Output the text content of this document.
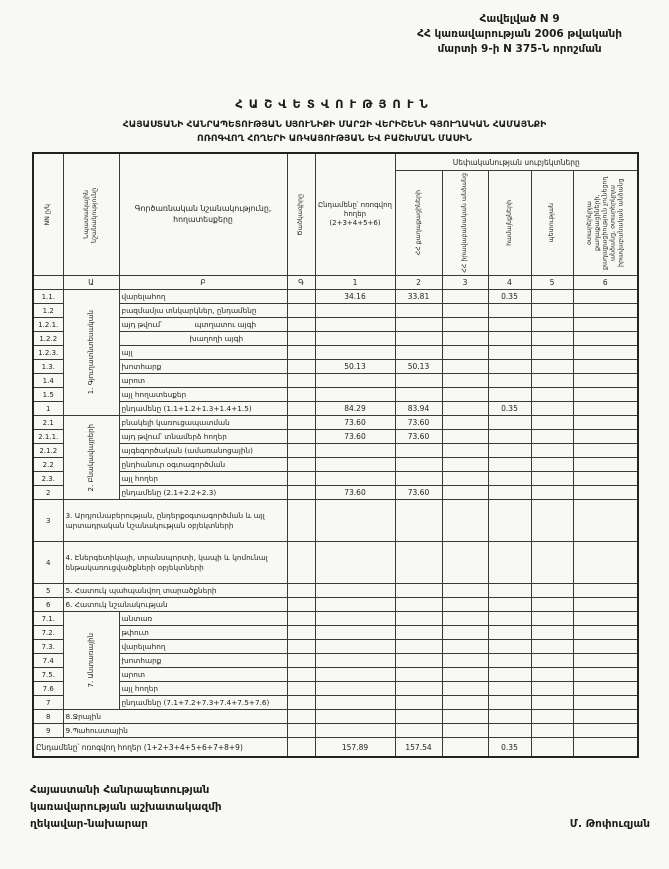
Հավելված N 9
ՀՀ կառավարության 2006 թվականի
մարտի 9-ի N 375-Ն որոշման
ՀԱՇՎԵՏՎՈՒԹՅՈՒՆ
ՀԱՅԱՍՏԱՆԻ ՀԱՆՐԱՊԵՏՈՒԹՅԱՆ ՍՅՈՒՆԻՔԻ ՄԱՐԶԻ ՎԵՐԻՇԵՆԻ ԳՅՈՒՂԱԿԱՆ ՀԱՄԱՅՆՔԻ
ՈՌՈԳՎՈՂ ՀՈՂԵՐԻ ԱՌԿԱՅՈՒԹՅԱՆ ԵՎ ԲԱՇԽՄԱՆ ՄԱՍԻՆ
NN ը/կ	Նպատակային նշանակությունը	Գործառնական նշանակությունը, հողատեսքերը	Ծածկագիրը	Ընդամենը՝ ոռոգվող հողեր (2+3+4+5+6)	Սեփականության սուբյեկտները				

					ՀՀ քաղաքացիների	ՀՀ իրավաբանական անձանց	համայնքների	պետության	օտարերկրյա քաղաքացիների, քաղաքացիություն չունեցող անձանց, օտարերկրյա իրավաբանական անձանց

	Ա	Բ	Գ	1	2	3	4	5	6
1.1.	1. Գյուղատնտեսական	վարելահող		34.16	33.81		0.35		
1.2		բազմամյա տնկարկներ, ընդամենը							
1.2.1.		այդ թվում՝              պտղատու այգի							
1.2.2		խաղողի այգի							
1.2.3.		այլ							
1.3.		խոտհարք		50.13	50.13				
1.4		արոտ							
1.5		այլ հողատեսքեր							
1		ընդամենը (1.1+1.2+1.3+1.4+1.5)		84.29	83.94		0.35		
2.1	2. Բնակավայրերի	բնակելի կառուցապատման		73.60	73.60				
2.1.1.		այդ թվում՝ տնամերձ հողեր		73.60	73.60				
2.1.2		այգեգործական (ամառանոցային)							
2.2		ընդհանուր օգտագործման							
2.3.		այլ հողեր							
2		ընդամենը (2.1+2.2+2.3)		73.60	73.60				
3	3. Արդյունաբերության, ընդերքօգտագործման և այլ արտադրական նշանակության օբյեկտների								
4	4. Էներգետիկայի, տրանսպորտի, կապի և կոմունալ ենթակառուցվածքների օբյեկտների								
5	5. Հատուկ պահպանվող տարածքների								
6	6. Հատուկ նշանակության								
7.1.	7. Անտառային	անտառ							
7.2.		թփուտ							
7.3.		վարելահող							
7.4		խոտհարք							
7.5.		արոտ							
7.6		այլ հողեր							
7		ընդամենը (7.1+7.2+7.3+7.4+7.5+7.6)							
8	8.Ջրային								
9	9.Պահուստային								
Ընդամենը՝ ոռոգվող հողեր (1+2+3+4+5+6+7+8+9)				157.89	157.54		0.35		
Հայաստանի Հանրապետության
կառավարության աշխատակազմի
ղեկավար-նախարար	Մ. Թոփուզյան
